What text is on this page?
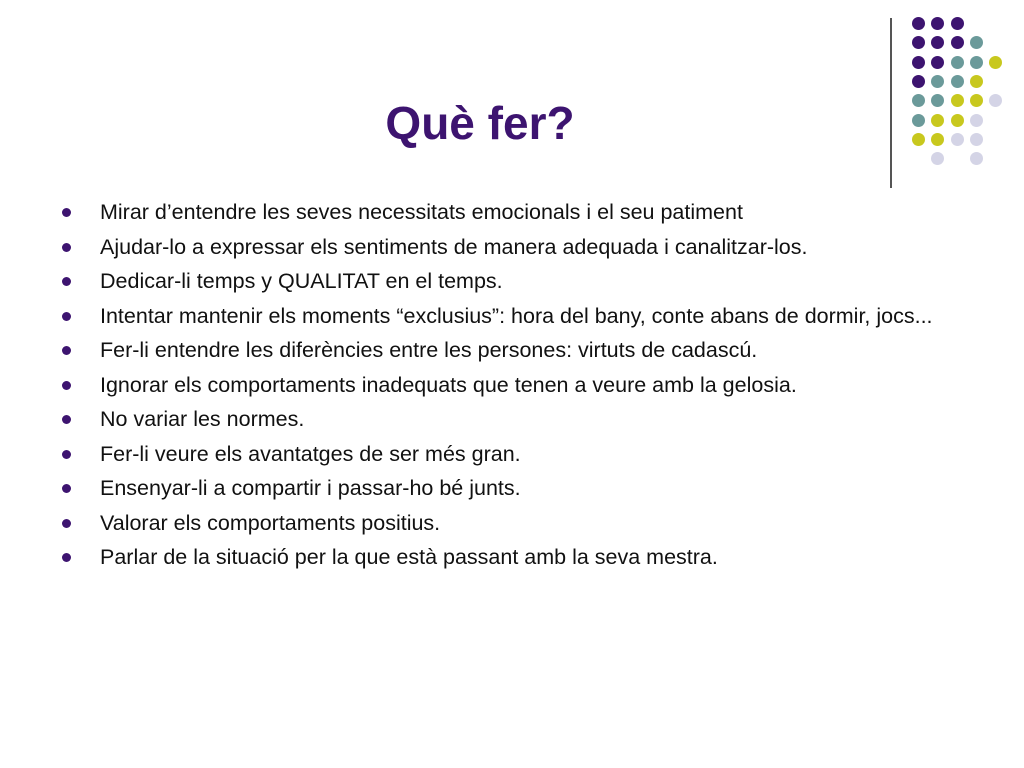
Què fer?
Mirar d’entendre les seves necessitats emocionals i el seu patiment
Ajudar-lo a expressar els sentiments de manera adequada i canalitzar-los.
Dedicar-li temps y QUALITAT en el temps.
Intentar mantenir els moments “exclusius”: hora del bany, conte abans de dormir, jocs...
Fer-li entendre les diferències entre les persones: virtuts de cadascú.
Ignorar els comportaments inadequats que tenen a veure amb la gelosia.
No variar les normes.
Fer-li veure els avantatges de ser més gran.
Ensenyar-li a compartir i passar-ho bé junts.
Valorar els comportaments positius.
Parlar de la situació per la que està passant amb la seva mestra.
